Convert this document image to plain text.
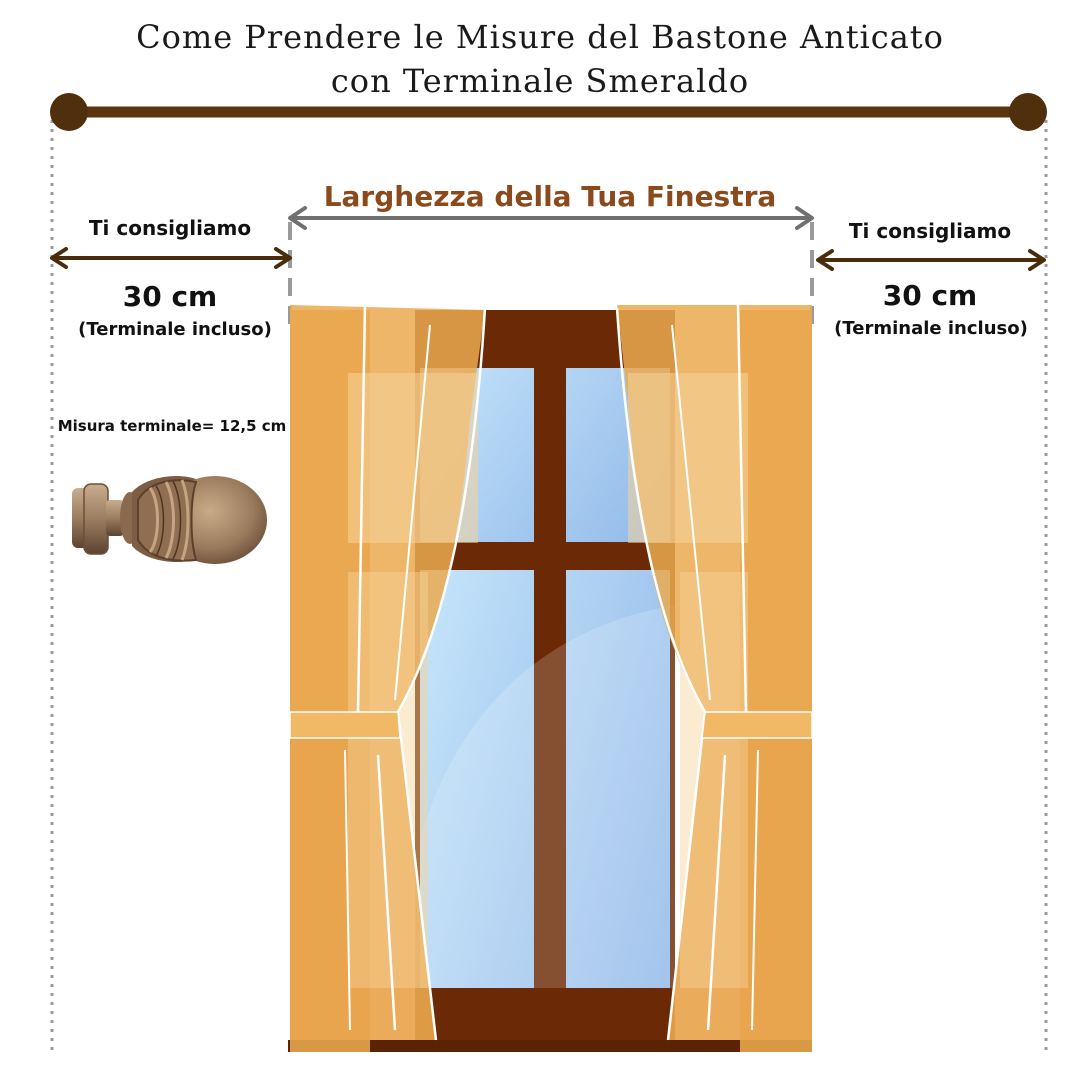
Come Prendere le Misure del Bastone Anticato
con Terminale Smeraldo
Larghezza della Tua Finestra
Ti consigliamo
30 cm
(Terminale incluso)
Ti consigliamo
30 cm
(Terminale incluso)
Misura terminale= 12,5 cm
